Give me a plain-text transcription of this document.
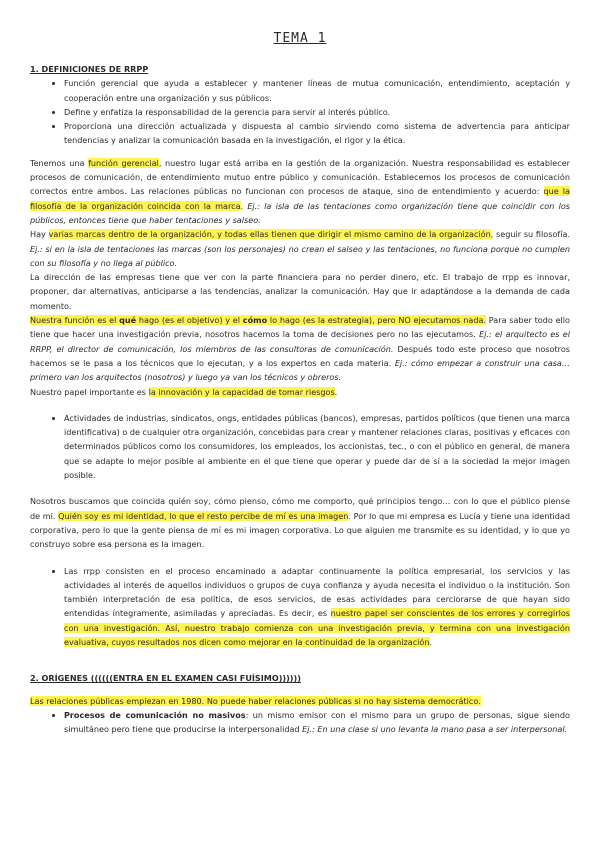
TEMA 1

1. DEFINICIONES DE RRPP

• Función gerencial que ayuda a establecer y mantener líneas de mutua comunicación, entendimiento, aceptación y cooperación entre una organización y sus públicos.
• Define y enfatiza la responsabilidad de la gerencia para servir al interés público.
• Proporciona una dirección actualizada y dispuesta al cambio sirviendo como sistema de advertencia para anticipar tendencias y analizar la comunicación basada en la investigación, el rigor y la ética.

Tenemos una función gerencial, nuestro lugar está arriba en la gestión de la organización. Nuestra responsabilidad es establecer procesos de comunicación, de entendimiento mutuo entre público y comunicación. Establecemos los procesos de comunicación correctos entre ambos. Las relaciones públicas no funcionan con procesos de ataque, sino de entendimiento y acuerdo: que la filosofía de la organización coincida con la marca. Ej.: la isla de las tentaciones como organización tiene que coincidir con los públicos, entonces tiene que haber tentaciones y salseo.

Hay varias marcas dentro de la organización, y todas ellas tienen que dirigir el mismo camino de la organización, seguir su filosofía. Ej.: si en la isla de tentaciones las marcas (son los personajes) no crean el salseo y las tentaciones, no funciona porque no cumplen con su filosofía y no llega al público.

La dirección de las empresas tiene que ver con la parte financiera para no perder dinero, etc. El trabajo de rrpp es innovar, proponer, dar alternativas, anticiparse a las tendencias, analizar la comunicación. Hay que ir adaptándose a la demanda de cada momento.

Nuestra función es el qué hago (es el objetivo) y el cómo lo hago (es la estrategia), pero NO ejecutamos nada. Para saber todo ello tiene que hacer una investigación previa, nosotros hacemos la toma de decisiones pero no las ejecutamos. Ej.: el arquitecto es el RRPP, el director de comunicación, los miembros de las consultoras de comunicación. Después todo este proceso que nosotros hacemos se le pasa a los técnicos que lo ejecutan, y a los expertos en cada materia. Ej.: cómo empezar a construir una casa… primero van los arquitectos (nosotros) y luego ya van los técnicos y obreros.

Nuestro papel importante es la innovación y la capacidad de tomar riesgos.

• Actividades de industrias, sindicatos, ongs, entidades públicas (bancos), empresas, partidos políticos (que tienen una marca identificativa) o de cualquier otra organización, concebidas para crear y mantener relaciones claras, positivas y eficaces con determinados públicos como los consumidores, los empleados, los accionistas, tec., o con el público en general, de manera que se adapte lo mejor posible al ambiente en el que tiene que operar y puede dar de sí a la sociedad la mejor imagen posible.

Nosotros buscamos que coincida quién soy, cómo pienso, cómo me comporto, qué principios tengo… con lo que el público piense de mi. Quién soy es mi identidad, lo que el resto percibe de mí es una imagen. Por lo que mi empresa es Lucía y tiene una identidad corporativa, pero lo que la gente piensa de mí es mi imagen corporativa. Lo que alguien me transmite es su identidad, y lo que yo construyo sobre esa persona es la imagen.

• Las rrpp consisten en el proceso encaminado a adaptar continuamente la política empresarial, los servicios y las actividades al interés de aquellos individuos o grupos de cuya confianza y ayuda necesita el individuo o la institución. Son también interpretación de esa política, de esos servicios, de esas actividades para cerciorarse de que hayan sido entendidas íntegramente, asimiladas y apreciadas. Es decir, es nuestro papel ser conscientes de los errores y corregirlos con una investigación. Así, nuestro trabajo comienza con una investigación previa, y termina con una investigación evaluativa, cuyos resultados nos dicen como mejorar en la continuidad de la organización.

2. ORÍGENES ((((((ENTRA EN EL EXAMEN CASI FUÍSIMO))))))

Las relaciones públicas empiezan en 1980. No puede haber relaciones públicas si no hay sistema democrático.

• Procesos de comunicación no masivos: un mismo emisor con el mismo para un grupo de personas, sigue siendo simultáneo pero tiene que producirse la interpersonalidad Ej.: En una clase si uno levanta la mano pasa a ser interpersonal.
